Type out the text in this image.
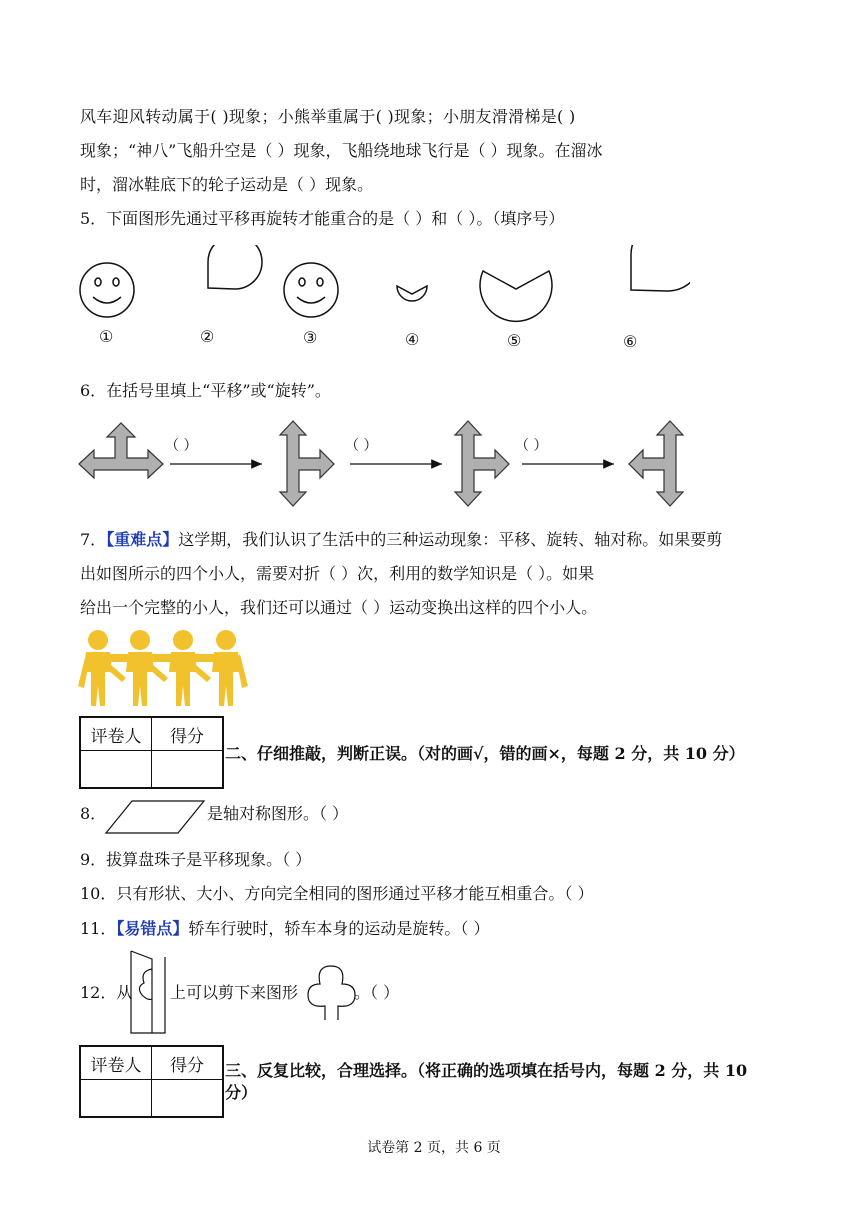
风车迎风转动属于( )现象；小熊举重属于( )现象；小朋友滑滑梯是( )
现象；“神八”飞船升空是（ ）现象，飞船绕地球飞行是（ ）现象。在溜冰
时，溜冰鞋底下的轮子运动是（ ）现象。
5．下面图形先通过平移再旋转才能重合的是（ ）和（ ）。（填序号）
①	②	③	④	⑤	⑥
6．在括号里填上“平移”或“旋转”。
（ ）	（ ）	（ ）
7．【重难点】这学期，我们认识了生活中的三种运动现象：平移、旋转、轴对称。如果要剪
出如图所示的四个小人，需要对折（ ）次，利用的数学知识是（ ）。如果
给出一个完整的小人，我们还可以通过（ ）运动变换出这样的四个小人。
评卷人	得分

二、仔细推敲，判断正误。（对的画√，错的画×，每题 2 分，共 10 分）
8．	是轴对称图形。（ ）
9．拔算盘珠子是平移现象。（ ）
10．只有形状、大小、方向完全相同的图形通过平移才能互相重合。（ ）
11．【易错点】轿车行驶时，轿车本身的运动是旋转。（ ）
12．从 上可以剪下来图形	。（ ）
评卷人	得分
	三、反复比较，合理选择。（将正确的选项填在括号内，每题 2 分，共 10
分）
试卷第 2 页，共 6 页
